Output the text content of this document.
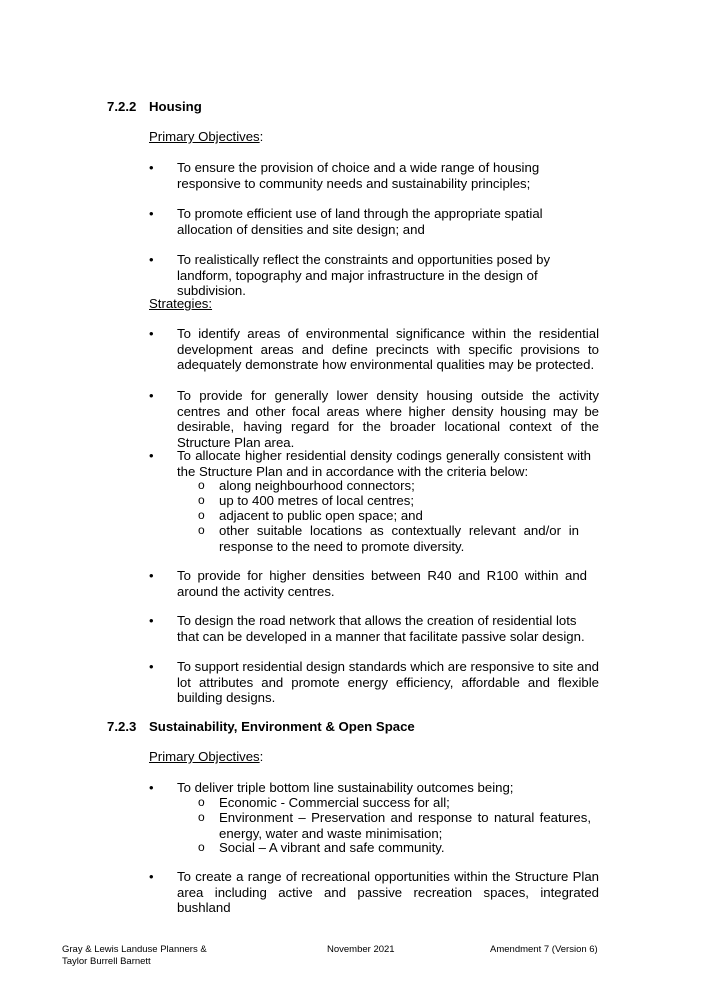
7.2.2 Housing
Primary Objectives:
• To ensure the provision of choice and a wide range of housing responsive to community needs and sustainability principles;
• To promote efficient use of land through the appropriate spatial allocation of densities and site design; and
• To realistically reflect the constraints and opportunities posed by landform, topography and major infrastructure in the design of subdivision.
Strategies:
• To identify areas of environmental significance within the residential development areas and define precincts with specific provisions to adequately demonstrate how environmental qualities may be protected.
• To provide for generally lower density housing outside the activity centres and other focal areas where higher density housing may be desirable, having regard for the broader locational context of the Structure Plan area.
• To allocate higher residential density codings generally consistent with the Structure Plan and in accordance with the criteria below:
o along neighbourhood connectors;
o up to 400 metres of local centres;
o adjacent to public open space; and
o other suitable locations as contextually relevant and/or in response to the need to promote diversity.
• To provide for higher densities between R40 and R100 within and around the activity centres.
• To design the road network that allows the creation of residential lots that can be developed in a manner that facilitate passive solar design.
• To support residential design standards which are responsive to site and lot attributes and promote energy efficiency, affordable and flexible building designs.
7.2.3 Sustainability, Environment & Open Space
Primary Objectives:
• To deliver triple bottom line sustainability outcomes being;
o Economic - Commercial success for all;
o Environment – Preservation and response to natural features, energy, water and waste minimisation;
o Social – A vibrant and safe community.
• To create a range of recreational opportunities within the Structure Plan area including active and passive recreation spaces, integrated bushland
Gray & Lewis Landuse Planners &
Taylor Burrell Barnett
November 2021	Amendment 7 (Version 6)
